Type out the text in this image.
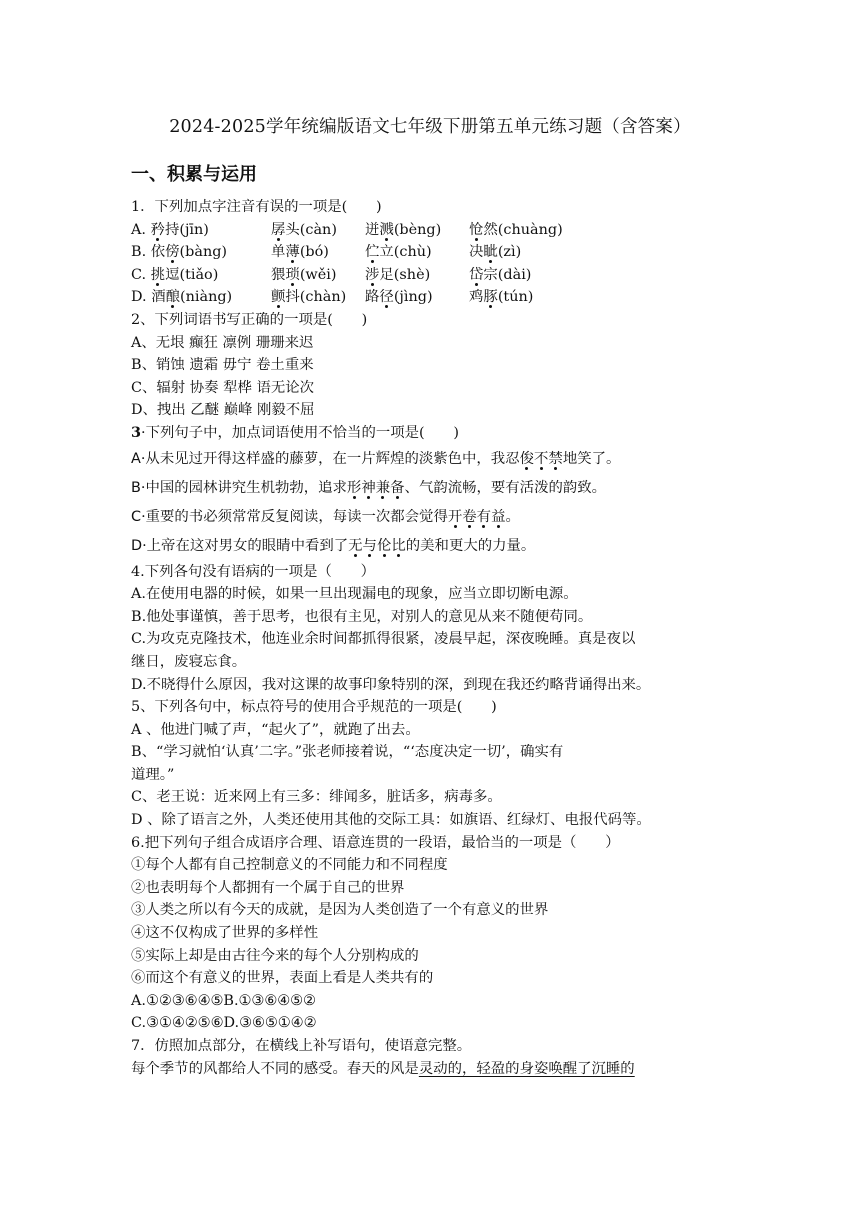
2024-2025学年统编版语文七年级下册第五单元练习题（含答案）
一、积累与运用
1．下列加点字注音有误的一项是(　　)
A. 矜持(jīn)	孱头(càn)	迸溅(bèng)	怆然(chuàng)
B. 依傍(bàng)	单薄(bó)	伫立(chù)	决眦(zì)
C. 挑逗(tiǎo)	猥琐(wěi)	涉足(shè)	岱宗(dài)
D. 酒酿(niàng)	颤抖(chàn)	路径(jìng)	鸡豚(tún)
2、下列词语书写正确的一项是(　　)
A、无垠 癫狂 凛例 珊珊来迟
B、销蚀 遗霜 毋宁 卷土重来
C、辐射 协奏 犁桦 语无论次
D、拽出 乙醚 巅峰 刚毅不屈
3·下列句子中，加点词语使用不恰当的一项是(　　)
A·从未见过开得这样盛的藤萝，在一片辉煌的淡紫色中，我忍俊不禁地笑了。
B·中国的园林讲究生机勃勃，追求形神兼备、气韵流畅，要有活泼的韵致。
C·重要的书必须常常反复阅读，每读一次都会觉得开卷有益。
D·上帝在这对男女的眼睛中看到了无与伦比的美和更大的力量。
4.下列各句没有语病的一项是（　　）
A.在使用电器的时候，如果一旦出现漏电的现象，应当立即切断电源。
B.他处事谨慎，善于思考，也很有主见，对别人的意见从来不随便苟同。
C.为攻克克隆技术，他连业余时间都抓得很紧，凌晨早起，深夜晚睡。真是夜以
继日，废寝忘食。
D.不晓得什么原因，我对这课的故事印象特别的深，到现在我还约略背诵得出来。
5、下列各句中，标点符号的使用合乎规范的一项是(　　)
A 、他进门喊了声，“起火了”，就跑了出去。
B、“学习就怕‘认真’二字。”张老师接着说，“‘态度决定一切’，确实有
道理。”
C、老王说：近来网上有三多：绯闻多，脏话多，病毒多。
D 、除了语言之外，人类还使用其他的交际工具：如旗语、红绿灯、电报代码等。
6.把下列句子组合成语序合理、语意连贯的一段语，最恰当的一项是（　　）
①每个人都有自己控制意义的不同能力和不同程度
②也表明每个人都拥有一个属于自己的世界
③人类之所以有今天的成就，是因为人类创造了一个有意义的世界
④这不仅构成了世界的多样性
⑤实际上却是由古往今来的每个人分别构成的
⑥而这个有意义的世界，表面上看是人类共有的
A.①②③⑥④⑤B.①③⑥④⑤②
C.③①④②⑤⑥D.③⑥⑤①④②
7．仿照加点部分，在横线上补写语句，使语意完整。
每个季节的风都给人不同的感受。春天的风是灵动的，轻盈的身姿唤醒了沉睡的
